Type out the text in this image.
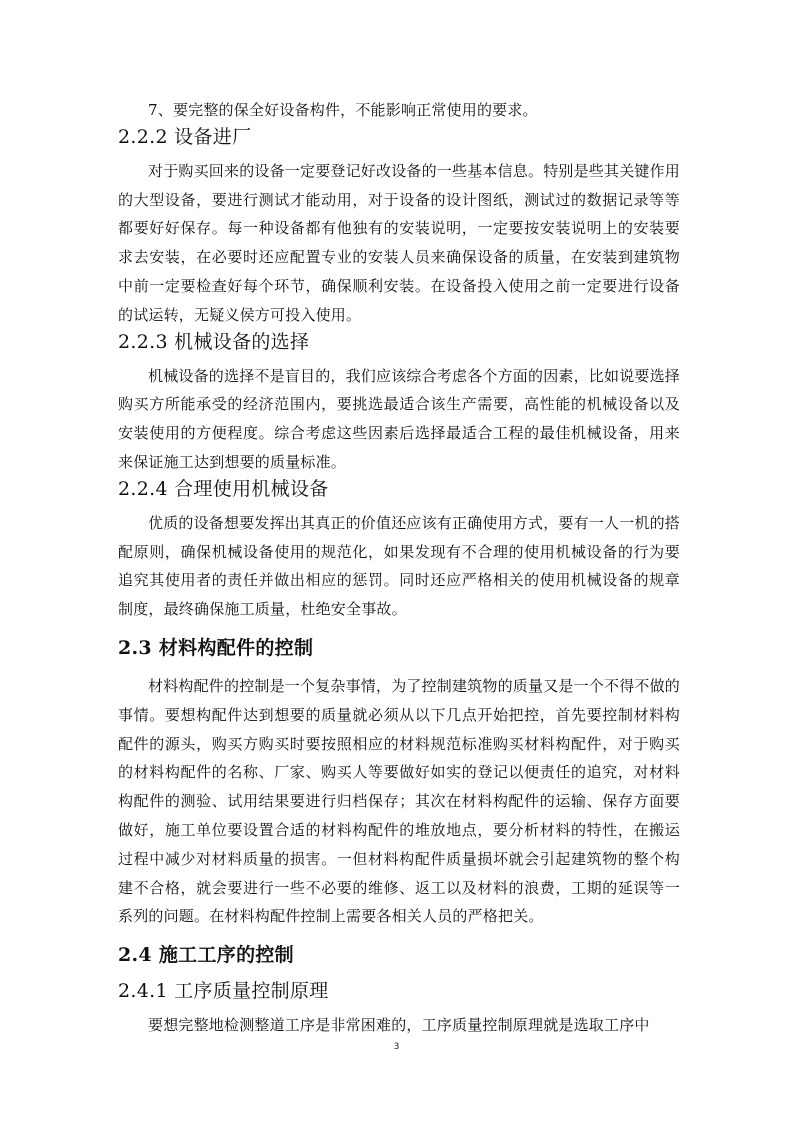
7、要完整的保全好设备构件，不能影响正常使用的要求。

2.2.2 设备进厂

对于购买回来的设备一定要登记好改设备的一些基本信息。特别是些其关键作用的大型设备，要进行测试才能动用，对于设备的设计图纸，测试过的数据记录等等都要好好保存。每一种设备都有他独有的安装说明，一定要按安装说明上的安装要求去安装，在必要时还应配置专业的安装人员来确保设备的质量，在安装到建筑物中前一定要检查好每个环节，确保顺利安装。在设备投入使用之前一定要进行设备的试运转，无疑义侯方可投入使用。

2.2.3 机械设备的选择

机械设备的选择不是盲目的，我们应该综合考虑各个方面的因素，比如说要选择购买方所能承受的经济范围内，要挑选最适合该生产需要，高性能的机械设备以及安装使用的方便程度。综合考虑这些因素后选择最适合工程的最佳机械设备，用来来保证施工达到想要的质量标准。

2.2.4 合理使用机械设备

优质的设备想要发挥出其真正的价值还应该有正确使用方式，要有一人一机的搭配原则，确保机械设备使用的规范化，如果发现有不合理的使用机械设备的行为要追究其使用者的责任并做出相应的惩罚。同时还应严格相关的使用机械设备的规章制度，最终确保施工质量，杜绝安全事故。

2.3 材料构配件的控制

材料构配件的控制是一个复杂事情，为了控制建筑物的质量又是一个不得不做的事情。要想构配件达到想要的质量就必须从以下几点开始把控，首先要控制材料构配件的源头，购买方购买时要按照相应的材料规范标准购买材料构配件，对于购买的材料构配件的名称、厂家、购买人等要做好如实的登记以便责任的追究，对材料构配件的测验、试用结果要进行归档保存；其次在材料构配件的运输、保存方面要做好，施工单位要设置合适的材料构配件的堆放地点，要分析材料的特性，在搬运过程中减少对材料质量的损害。一但材料构配件质量损坏就会引起建筑物的整个构建不合格，就会要进行一些不必要的维修、返工以及材料的浪费，工期的延误等一系列的问题。在材料构配件控制上需要各相关人员的严格把关。

2.4 施工工序的控制
2.4.1 工序质量控制原理

要想完整地检测整道工序是非常困难的，工序质量控制原理就是选取工序中

3
